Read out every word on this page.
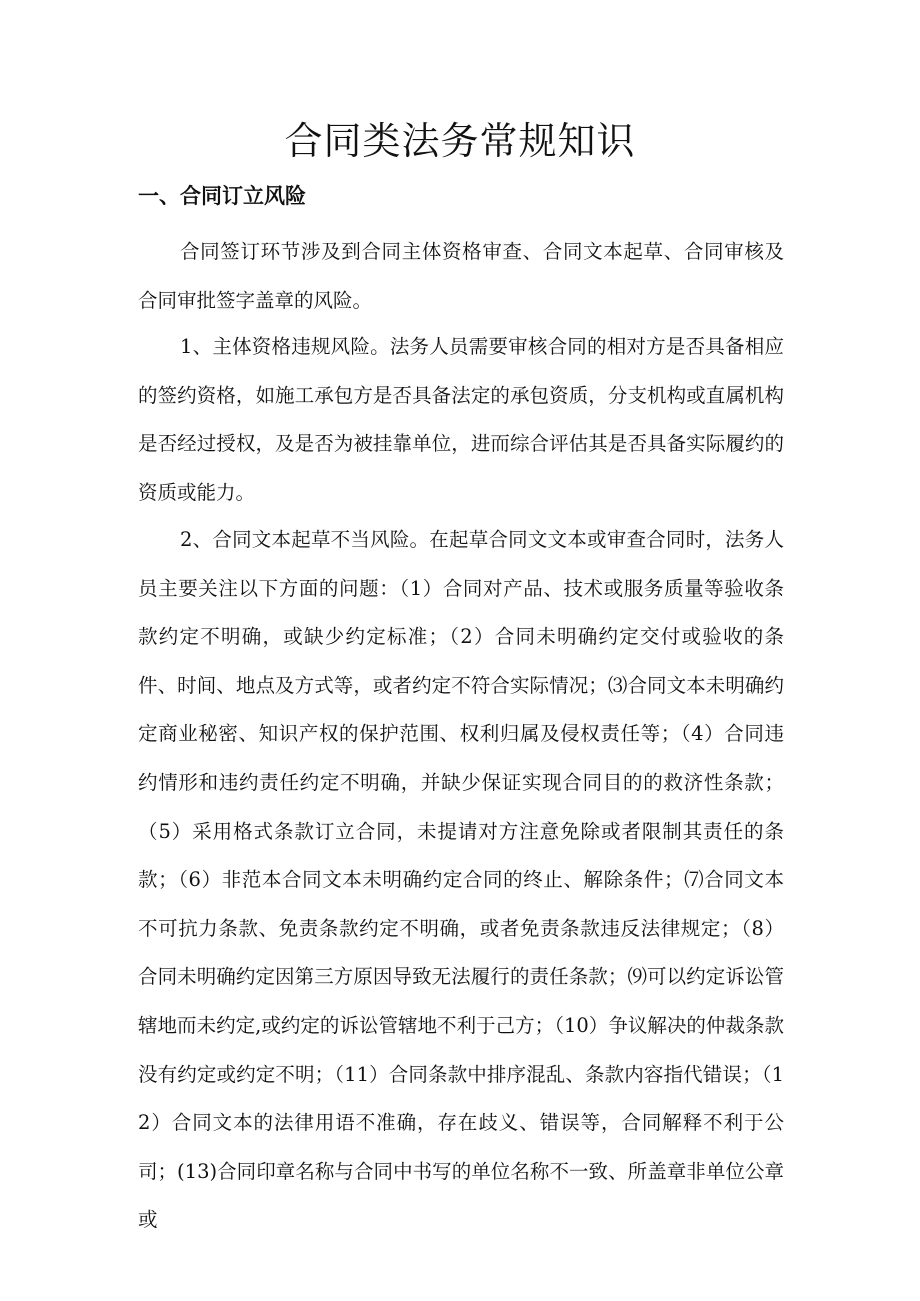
合同类法务常规知识
一、合同订立风险

合同签订环节涉及到合同主体资格审查、合同文本起草、合同审核及合同审批签字盖章的风险。

1、主体资格违规风险。法务人员需要审核合同的相对方是否具备相应的签约资格，如施工承包方是否具备法定的承包资质，分支机构或直属机构是否经过授权，及是否为被挂靠单位，进而综合评估其是否具备实际履约的资质或能力。

2、合同文本起草不当风险。在起草合同文文本或审查合同时，法务人员主要关注以下方面的问题：（1）合同对产品、技术或服务质量等验收条款约定不明确，或缺少约定标准；（2）合同未明确约定交付或验收的条件、时间、地点及方式等，或者约定不符合实际情况；⑶合同文本未明确约定商业秘密、知识产权的保护范围、权利归属及侵权责任等；（4）合同违约情形和违约责任约定不明确，并缺少保证实现合同目的的救济性条款；（5）采用格式条款订立合同，未提请对方注意免除或者限制其责任的条款；（6）非范本合同文本未明确约定合同的终止、解除条件；⑺合同文本不可抗力条款、免责条款约定不明确，或者免责条款违反法律规定；（8）合同未明确约定因第三方原因导致无法履行的责任条款；⑼可以约定诉讼管辖地而未约定,或约定的诉讼管辖地不利于己方；（10）争议解决的仲裁条款没有约定或约定不明；（11）合同条款中排序混乱、条款内容指代错误；（12）合同文本的法律用语不准确，存在歧义、错误等，合同解释不利于公司；(13)合同印章名称与合同中书写的单位名称不一致、所盖章非单位公章或
